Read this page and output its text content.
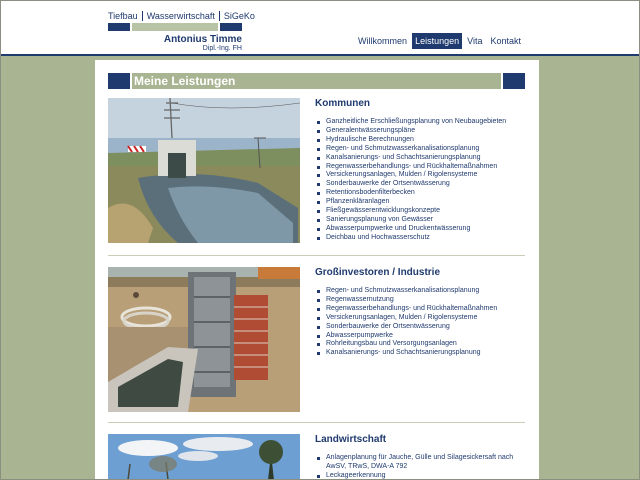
Tiefbau	Wasserwirtschaft	SiGeKo
Antonius Timme
Dipl.-Ing. FH
Willkommen Leistungen Vita Kontakt
Meine Leistungen
Kommunen
Ganzheitliche Erschließungsplanung von Neubaugebieten
Generalentwässerungspläne
Hydraulische Berechnungen
Regen- und Schmutzwasserkanalisationsplanung
Kanalsanierungs- und Schachtsanierungsplanung
Regenwasserbehandlungs- und Rückhaltemaßnahmen
Versickerungsanlagen, Mulden / Rigolensysteme
Sonderbauwerke der Ortsentwässerung
Retentionsbodenfilterbecken
Pflanzenkläranlagen
Fließgewässerentwicklungskonzepte
Sanierungsplanung von Gewässer
Abwasserpumpwerke und Druckentwässerung
Deichbau und Hochwasserschutz
Großinvestoren / Industrie
Regen- und Schmutzwasserkanalisationsplanung
Regenwassernutzung
Regenwasserbehandlungs- und Rückhaltemaßnahmen
Versickerungsanlagen, Mulden / Rigolensysteme
Sonderbauwerke der Ortsentwässerung
Abwasserpumpwerke
Rohrleitungsbau und Versorgungsanlagen
Kanalsanierungs- und Schachtsanierungsplanung
Landwirtschaft
Anlagenplanung für Jauche, Gülle und Silagesickersaft nach
AwSV, TRwS, DWA-A 792
Leckageerkennung
